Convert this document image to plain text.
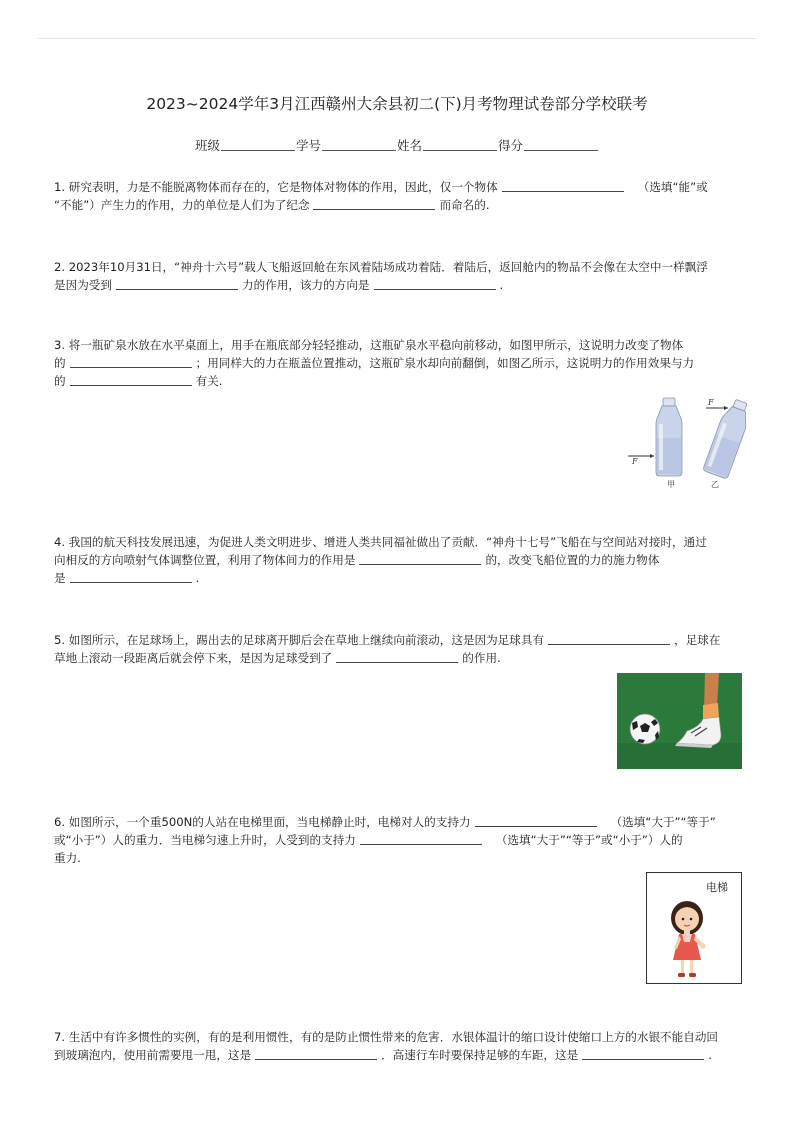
2023~2024学年3月江西赣州大余县初二(下)月考物理试卷部分学校联考
班级	学号	姓名	得分

1. 研究表明，力是不能脱离物体而存在的，它是物体对物体的作用，因此，仅一个物体	（选填“能”或

“不能”）产生力的作用，力的单位是人们为了纪念	而命名的.

2. 2023年10月31日，“神舟十六号”载人飞船返回舱在东风着陆场成功着陆．着陆后，返回舱内的物品不会像在太空中一样飘浮

是因为受到	力的作用，该力的方向是	.

3. 将一瓶矿泉水放在水平桌面上，用手在瓶底部分轻轻推动，这瓶矿泉水平稳向前移动，如图甲所示，这说明力改变了物体

的	；用同样大的力在瓶盖位置推动，这瓶矿泉水却向前翻倒，如图乙所示，这说明力的作用效果与力

的	有关.

F
F
甲	乙

4. 我国的航天科技发展迅速，为促进人类文明进步、增进人类共同福祉做出了贡献．“神舟十七号”飞船在与空间站对接时，通过

向相反的方向喷射气体调整位置，利用了物体间力的作用是	的，改变飞船位置的力的施力物体

是	.

5. 如图所示，在足球场上，踢出去的足球离开脚后会在草地上继续向前滚动，这是因为足球具有	，足球在

草地上滚动一段距离后就会停下来，是因为足球受到了	的作用.

6. 如图所示，一个重500N的人站在电梯里面，当电梯静止时，电梯对人的支持力	（选填“大于”“等于”

或“小于”）人的重力．当电梯匀速上升时，人受到的支持力	（选填“大于”“等于”或“小于”）人的

重力.

电梯

7. 生活中有许多惯性的实例，有的是利用惯性，有的是防止惯性带来的危害．水银体温计的缩口设计使缩口上方的水银不能自动回

到玻璃泡内，使用前需要甩一甩，这是	．高速行车时要保持足够的车距，这是	.
